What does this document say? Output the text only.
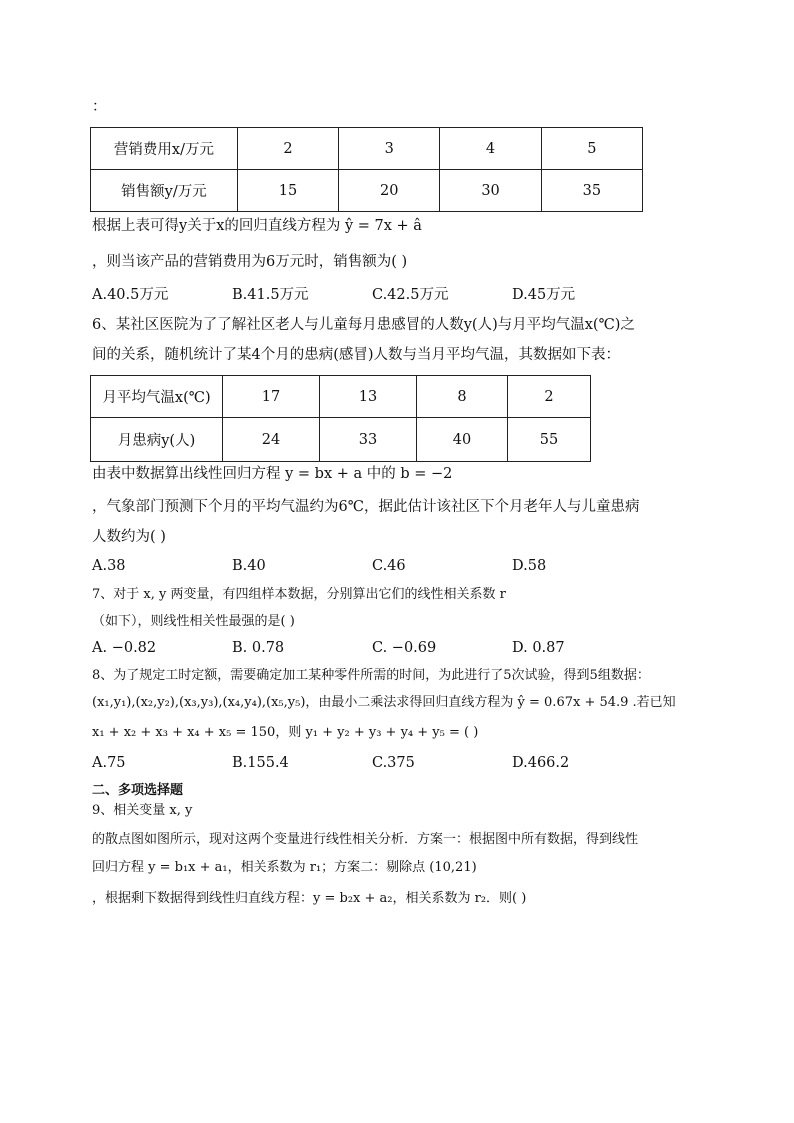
：
营销费用x/万元	2	3	4	5
销售额y/万元	15	20	30	35
根据上表可得y关于x的回归直线方程为 ŷ = 7x + â
，则当该产品的营销费用为6万元时，销售额为( )
A.40.5万元	B.41.5万元	C.42.5万元	D.45万元
6、某社区医院为了了解社区老人与儿童每月患感冒的人数y(人)与月平均气温x(℃)之
间的关系，随机统计了某4个月的患病(感冒)人数与当月平均气温，其数据如下表：
月平均气温x(℃)	17	13	8	2
月患病y(人)	24	33	40	55
由表中数据算出线性回归方程 y = bx + a 中的 b = −2
，气象部门预测下个月的平均气温约为6℃，据此估计该社区下个月老年人与儿童患病
人数约为( )
A.38	B.40	C.46	D.58
7、对于 x, y 两变量，有四组样本数据，分别算出它们的线性相关系数 r
（如下），则线性相关性最强的是( )
A. −0.82	B. 0.78	C. −0.69	D. 0.87
8、为了规定工时定额，需要确定加工某种零件所需的时间，为此进行了5次试验，得到5组数据：
(x₁,y₁),(x₂,y₂),(x₃,y₃),(x₄,y₄),(x₅,y₅)，由最小二乘法求得回归直线方程为 ŷ = 0.67x + 54.9 .若已知
x₁ + x₂ + x₃ + x₄ + x₅ = 150，则 y₁ + y₂ + y₃ + y₄ + y₅ = ( )
A.75	B.155.4	C.375	D.466.2
二、多项选择题
9、相关变量 x, y
的散点图如图所示，现对这两个变量进行线性相关分析．方案一：根据图中所有数据，得到线性
回归方程 y = b₁x + a₁，相关系数为 r₁；方案二：剔除点 (10,21)
，根据剩下数据得到线性归直线方程：y = b₂x + a₂，相关系数为 r₂．则( )
